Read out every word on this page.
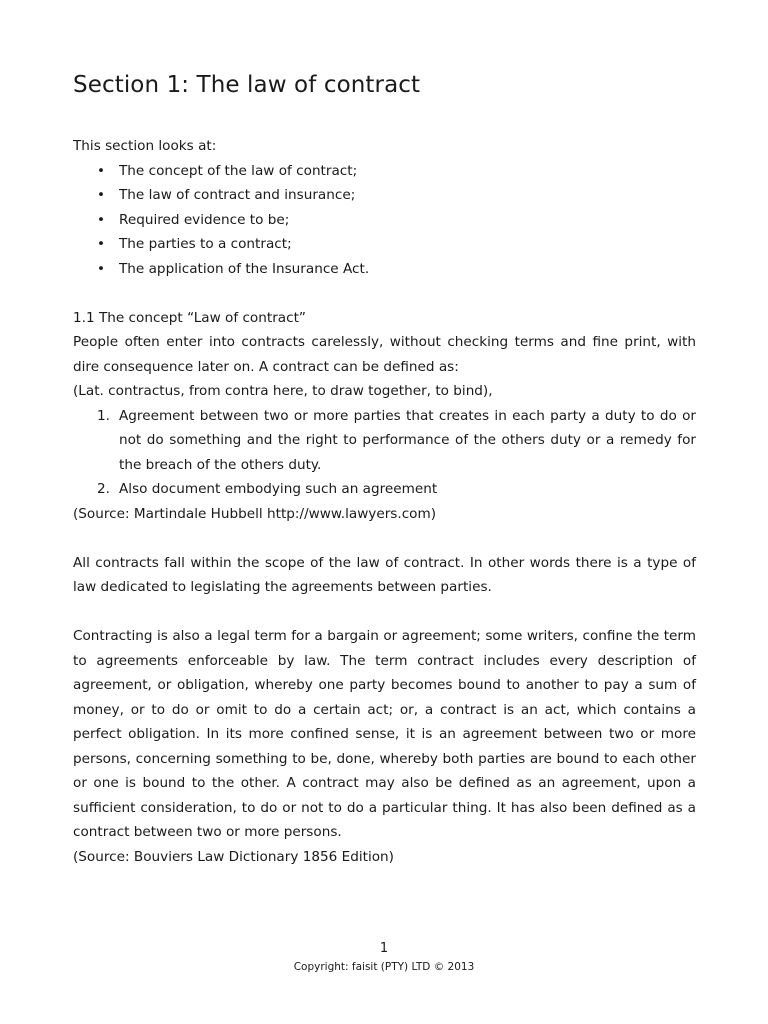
Section 1: The law of contract

This section looks at:

• The concept of the law of contract;
• The law of contract and insurance;
• Required evidence to be;
• The parties to a contract;
• The application of the Insurance Act.

1.1 The concept “Law of contract”

People often enter into contracts carelessly, without checking terms and fine print, with dire consequence later on. A contract can be defined as:

(Lat. contractus, from contra here, to draw together, to bind),

1. Agreement between two or more parties that creates in each party a duty to do or not do something and the right to performance of the others duty or a remedy for the breach of the others duty.
2. Also document embodying such an agreement

(Source: Martindale Hubbell http://www.lawyers.com)

All contracts fall within the scope of the law of contract. In other words there is a type of law dedicated to legislating the agreements between parties.

Contracting is also a legal term for a bargain or agreement; some writers, confine the term to agreements enforceable by law. The term contract includes every description of agreement, or obligation, whereby one party becomes bound to another to pay a sum of money, or to do or omit to do a certain act; or, a contract is an act, which contains a perfect obligation. In its more confined sense, it is an agreement between two or more persons, concerning something to be, done, whereby both parties are bound to each other or one is bound to the other. A contract may also be defined as an agreement, upon a sufficient consideration, to do or not to do a particular thing. It has also been defined as a contract between two or more persons.

(Source: Bouviers Law Dictionary 1856 Edition)

1
Copyright: faisit (PTY) LTD © 2013
